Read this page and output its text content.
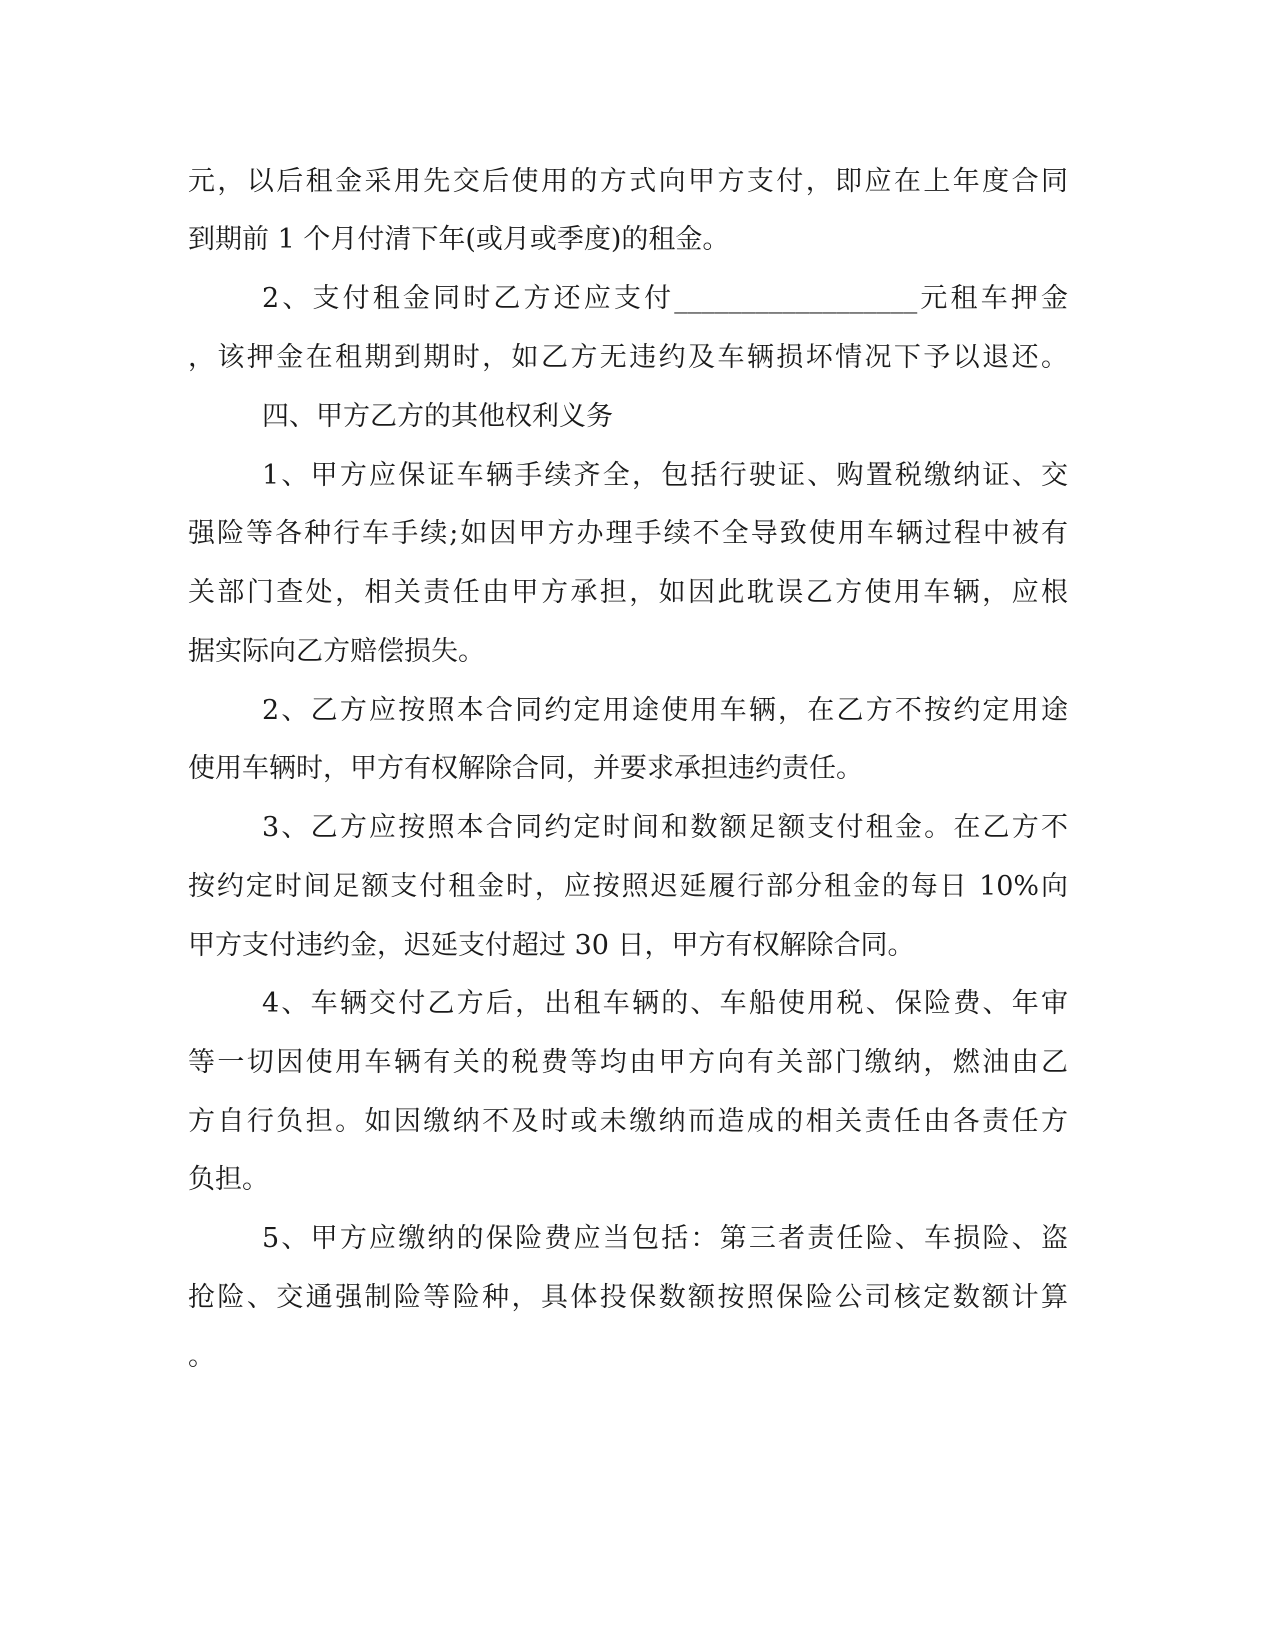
元，以后租金采用先交后使用的方式向甲方支付，即应在上年度合同
到期前 1 个月付清下年(或月或季度)的租金。
2、支付租金同时乙方还应支付__________________元租车押金
，该押金在租期到期时，如乙方无违约及车辆损坏情况下予以退还。
四、甲方乙方的其他权利义务
1、甲方应保证车辆手续齐全，包括行驶证、购置税缴纳证、交
强险等各种行车手续;如因甲方办理手续不全导致使用车辆过程中被有
关部门查处，相关责任由甲方承担，如因此耽误乙方使用车辆，应根
据实际向乙方赔偿损失。
2、乙方应按照本合同约定用途使用车辆，在乙方不按约定用途
使用车辆时，甲方有权解除合同，并要求承担违约责任。
3、乙方应按照本合同约定时间和数额足额支付租金。在乙方不
按约定时间足额支付租金时，应按照迟延履行部分租金的每日 10%向
甲方支付违约金，迟延支付超过 30 日，甲方有权解除合同。
4、车辆交付乙方后，出租车辆的、车船使用税、保险费、年审
等一切因使用车辆有关的税费等均由甲方向有关部门缴纳，燃油由乙
方自行负担。如因缴纳不及时或未缴纳而造成的相关责任由各责任方
负担。
5、甲方应缴纳的保险费应当包括：第三者责任险、车损险、盗
抢险、交通强制险等险种，具体投保数额按照保险公司核定数额计算
。
